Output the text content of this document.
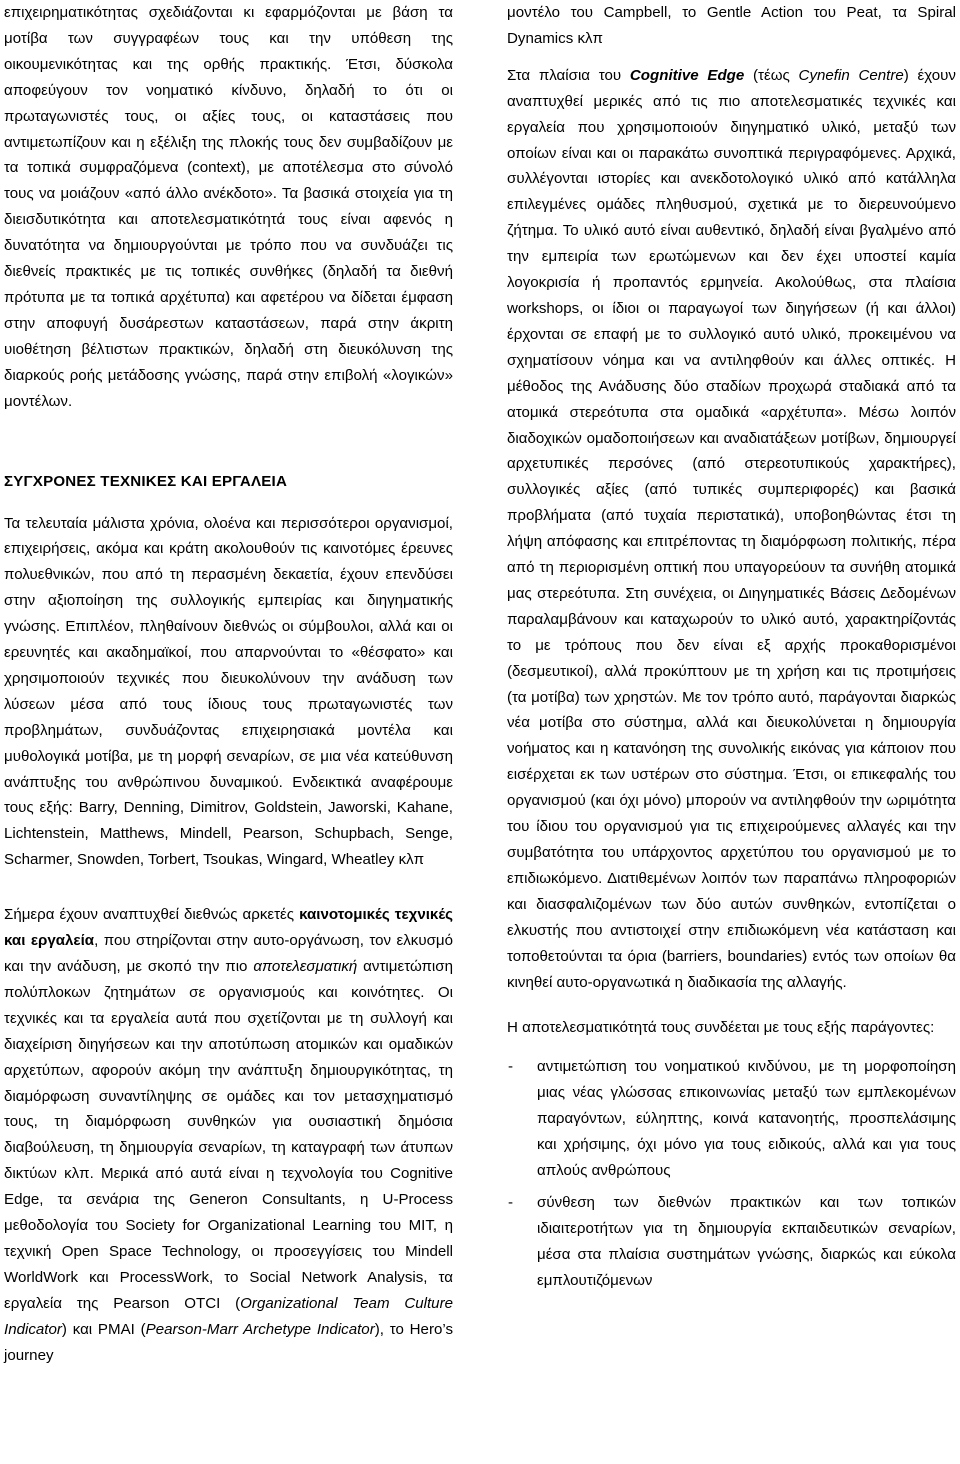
επιχειρηματικότητας σχεδιάζονται κι εφαρμόζονται με βάση τα μοτίβα των συγγραφέων τους και την υπόθεση της οικουμενικότητας και της ορθής πρακτικής. Έτσι, δύσκολα αποφεύγουν τον νοηματικό κίνδυνο, δηλαδή το ότι οι πρωταγωνιστές τους, οι αξίες τους, οι καταστάσεις που αντιμετωπίζουν και η εξέλιξη της πλοκής τους δεν συμβαδίζουν με τα τοπικά συμφραζόμενα (context), με αποτέλεσμα στο σύνολό τους να μοιάζουν «από άλλο ανέκδοτο». Τα βασικά στοιχεία για τη διεισδυτικότητα και αποτελεσματικότητά τους είναι αφενός η δυνατότητα να δημιουργούνται με τρόπο που να συνδυάζει τις διεθνείς πρακτικές με τις τοπικές συνθήκες (δηλαδή τα διεθνή πρότυπα με τα τοπικά αρχέτυπα) και αφετέρου να δίδεται έμφαση στην αποφυγή δυσάρεστων καταστάσεων, παρά στην άκριτη υιοθέτηση βέλτιστων πρακτικών, δηλαδή στη διευκόλυνση της διαρκούς ροής μετάδοσης γνώσης, παρά στην επιβολή «λογικών» μοντέλων.

ΣΥΓΧΡΟΝΕΣ ΤΕΧΝΙΚΕΣ ΚΑΙ ΕΡΓΑΛΕΙΑ

Τα τελευταία μάλιστα χρόνια, ολοένα και περισσότεροι οργανισμοί, επιχειρήσεις, ακόμα και κράτη ακολουθούν τις καινοτόμες έρευνες πολυεθνικών, που από τη περασμένη δεκαετία, έχουν επενδύσει στην αξιοποίηση της συλλογικής εμπειρίας και διηγηματικής γνώσης. Επιπλέον, πληθαίνουν διεθνώς οι σύμβουλοι, αλλά και οι ερευνητές και ακαδημαϊκοί, που απαρνούνται το «θέσφατο» και χρησιμοποιούν τεχνικές που διευκολύνουν την ανάδυση των λύσεων μέσα από τους ίδιους τους πρωταγωνιστές των προβλημάτων, συνδυάζοντας επιχειρησιακά μοντέλα και μυθολογικά μοτίβα, με τη μορφή σεναρίων, σε μια νέα κατεύθυνση ανάπτυξης του ανθρώπινου δυναμικού. Ενδεικτικά αναφέρουμε τους εξής: Barry, Denning, Dimitrov, Goldstein, Jaworski, Kahane, Lichtenstein, Matthews, Mindell, Pearson, Schupbach, Senge, Scharmer, Snowden, Torbert, Tsoukas, Wingard, Wheatley κλπ

Σήμερα έχουν αναπτυχθεί διεθνώς αρκετές καινοτομικές τεχνικές και εργαλεία, που στηρίζονται στην αυτο-οργάνωση, τον ελκυσμό και την ανάδυση, με σκοπό την πιο αποτελεσματική αντιμετώπιση πολύπλοκων ζητημάτων σε οργανισμούς και κοινότητες. Οι τεχνικές και τα εργαλεία αυτά που σχετίζονται με τη συλλογή και διαχείριση διηγήσεων και την αποτύπωση ατομικών και ομαδικών αρχετύπων, αφορούν ακόμη την ανάπτυξη δημιουργικότητας, τη διαμόρφωση συναντίληψης σε ομάδες και τον μετασχηματισμό τους, τη διαμόρφωση συνθηκών για ουσιαστική δημόσια διαβούλευση, τη δημιουργία σεναρίων, τη καταγραφή των άτυπων δικτύων κλπ. Μερικά από αυτά είναι η τεχνολογία του Cognitive Edge, τα σενάρια της Generon Consultants, η U-Process μεθοδολογία του Society for Organizational Learning του MIT, η τεχνική Open Space Technology, οι προσεγγίσεις του Mindell WorldWork και ProcessWork, το Social Network Analysis, τα εργαλεία της Pearson OTCI (Organizational Team Culture Indicator) και PMAI (Pearson-Marr Archetype Indicator), το Hero’s journey

μοντέλο του Campbell, το Gentle Action του Peat, τα Spiral Dynamics κλπ

Στα πλαίσια του Cognitive Edge (τέως Cynefin Centre) έχουν αναπτυχθεί μερικές από τις πιο αποτελεσματικές τεχνικές και εργαλεία που χρησιμοποιούν διηγηματικό υλικό, μεταξύ των οποίων είναι και οι παρακάτω συνοπτικά περιγραφόμενες. Αρχικά, συλλέγονται ιστορίες και ανεκδοτολογικό υλικό από κατάλληλα επιλεγμένες ομάδες πληθυσμού, σχετικά με το διερευνούμενο ζήτημα. Το υλικό αυτό είναι αυθεντικό, δηλαδή είναι βγαλμένο από την εμπειρία των ερωτώμενων και δεν έχει υποστεί καμία λογοκρισία ή προπαντός ερμηνεία. Ακολούθως, στα πλαίσια workshops, οι ίδιοι οι παραγωγοί των διηγήσεων (ή και άλλοι) έρχονται σε επαφή με το συλλογικό αυτό υλικό, προκειμένου να σχηματίσουν νόημα και να αντιληφθούν και άλλες οπτικές. Η μέθοδος της Ανάδυσης δύο σταδίων προχωρά σταδιακά από τα ατομικά στερεότυπα στα ομαδικά «αρχέτυπα». Μέσω λοιπόν διαδοχικών ομαδοποιήσεων και αναδιατάξεων μοτίβων, δημιουργεί αρχετυπικές περσόνες (από στερεοτυπικούς χαρακτήρες), συλλογικές αξίες (από τυπικές συμπεριφορές) και βασικά προβλήματα (από τυχαία περιστατικά), υποβοηθώντας έτσι τη λήψη απόφασης και επιτρέποντας τη διαμόρφωση πολιτικής, πέρα από τη περιορισμένη οπτική που υπαγορεύουν τα συνήθη ατομικά μας στερεότυπα. Στη συνέχεια, οι Διηγηματικές Βάσεις Δεδομένων παραλαμβάνουν και καταχωρούν το υλικό αυτό, χαρακτηρίζοντάς το με τρόπους που δεν είναι εξ αρχής προκαθορισμένοι (δεσμευτικοί), αλλά προκύπτουν με τη χρήση και τις προτιμήσεις (τα μοτίβα) των χρηστών. Με τον τρόπο αυτό, παράγονται διαρκώς νέα μοτίβα στο σύστημα, αλλά και διευκολύνεται η δημιουργία νοήματος και η κατανόηση της συνολικής εικόνας για κάποιον που εισέρχεται εκ των υστέρων στο σύστημα. Έτσι, οι επικεφαλής του οργανισμού (και όχι μόνο) μπορούν να αντιληφθούν την ωριμότητα του ίδιου του οργανισμού για τις επιχειρούμενες αλλαγές και την συμβατότητα του υπάρχοντος αρχετύπου του οργανισμού με το επιδιωκόμενο. Διατιθεμένων λοιπόν των παραπάνω πληροφοριών και διασφαλιζομένων των δύο αυτών συνθηκών, εντοπίζεται ο ελκυστής που αντιστοιχεί στην επιδιωκόμενη νέα κατάσταση και τοποθετούνται τα όρια (barriers, boundaries) εντός των οποίων θα κινηθεί αυτο-οργανωτικά η διαδικασία της αλλαγής.

Η αποτελεσματικότητά τους συνδέεται με τους εξής παράγοντες:

- αντιμετώπιση του νοηματικού κινδύνου, με τη μορφοποίηση μιας νέας γλώσσας επικοινωνίας μεταξύ των εμπλεκομένων παραγόντων, εύληπτης, κοινά κατανοητής, προσπελάσιμης και χρήσιμης, όχι μόνο για τους ειδικούς, αλλά και για τους απλούς ανθρώπους
- σύνθεση των διεθνών πρακτικών και των τοπικών ιδιαιτεροτήτων για τη δημιουργία εκπαιδευτικών σεναρίων, μέσα στα πλαίσια συστημάτων γνώσης, διαρκώς και εύκολα εμπλουτιζόμενων
